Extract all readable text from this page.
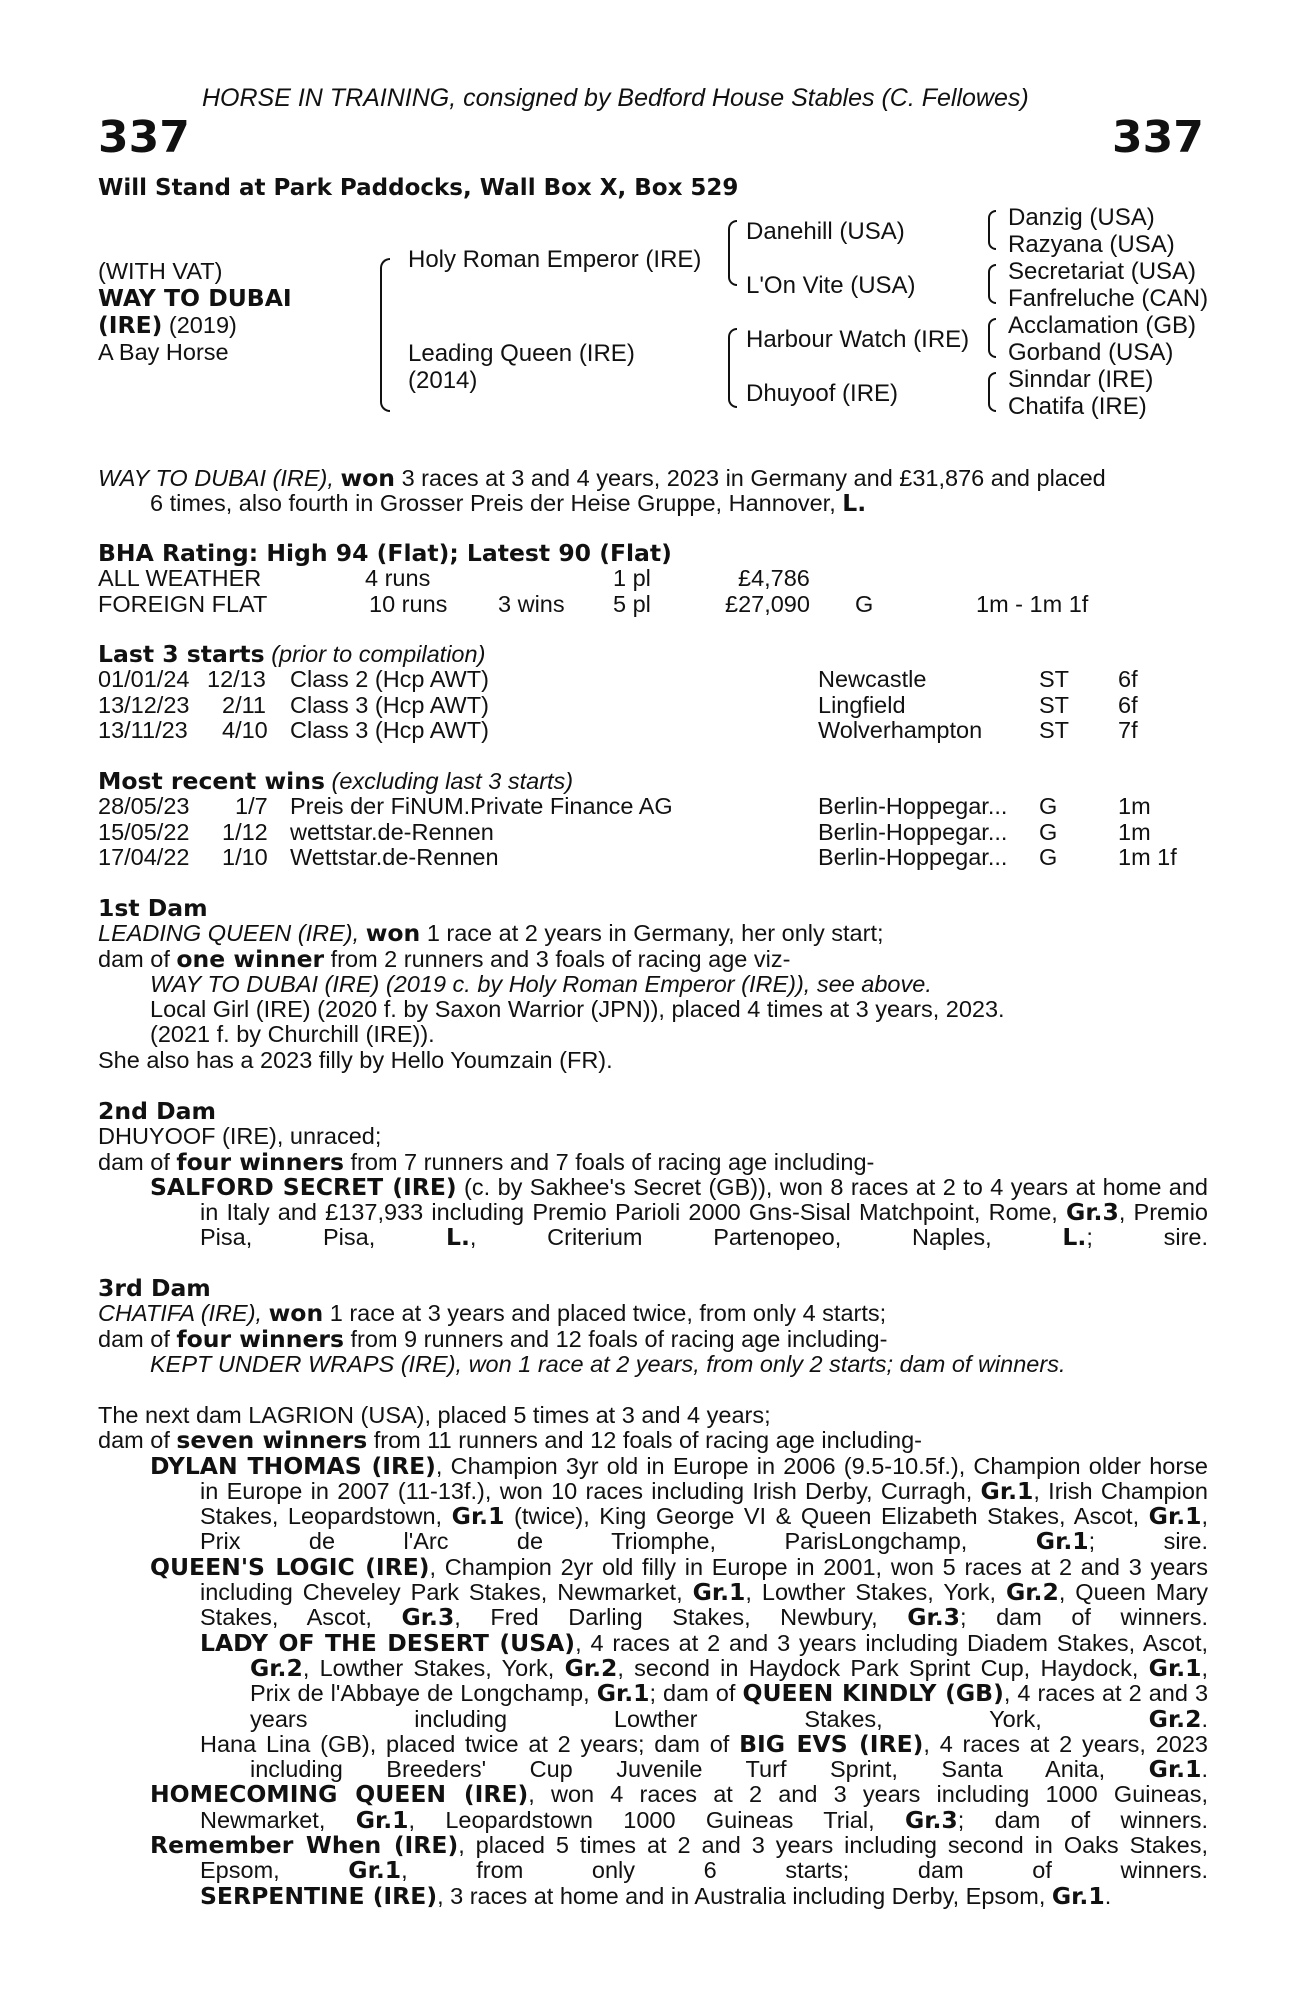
HORSE IN TRAINING, consigned by Bedford House Stables (C. Fellowes)
337	337
Will Stand at Park Paddocks, Wall Box X, Box 529
(WITH VAT)
WAY TO DUBAI
(IRE) (2019)
A Bay Horse
Holy Roman Emperor (IRE)
Leading Queen (IRE)
(2014)
Danehill (USA)
L'On Vite (USA)
Harbour Watch (IRE)
Dhuyoof (IRE)
Danzig (USA)
Razyana (USA)
Secretariat (USA)
Fanfreluche (CAN)
Acclamation (GB)
Gorband (USA)
Sinndar (IRE)
Chatifa (IRE)
WAY TO DUBAI (IRE), won 3 races at 3 and 4 years, 2023 in Germany and £31,876 and placed
6 times, also fourth in Grosser Preis der Heise Gruppe, Hannover, L.
BHA Rating: High 94 (Flat); Latest 90 (Flat)
ALL WEATHER	4 runs	1 pl	£4,786
FOREIGN FLAT	10 runs 3 wins 5 pl	£27,090 G	1m - 1m 1f
Last 3 starts (prior to compilation)
01/01/24 12/13 Class 2 (Hcp AWT)	Newcastle	ST 6f
13/12/23 2/11 Class 3 (Hcp AWT)	Lingfield	ST 6f
13/11/23 4/10 Class 3 (Hcp AWT)	Wolverhampton ST 7f
Most recent wins (excluding last 3 starts)
28/05/23 1/7 Preis der FiNUM.Private Finance AG	Berlin-Hoppegar... G	1m
15/05/22 1/12 wettstar.de-Rennen	Berlin-Hoppegar... G	1m
17/04/22 1/10 Wettstar.de-Rennen	Berlin-Hoppegar... G	1m 1f
1st Dam
LEADING QUEEN (IRE), won 1 race at 2 years in Germany, her only start;
dam of one winner from 2 runners and 3 foals of racing age viz-
WAY TO DUBAI (IRE) (2019 c. by Holy Roman Emperor (IRE)), see above.
Local Girl (IRE) (2020 f. by Saxon Warrior (JPN)), placed 4 times at 3 years, 2023.
(2021 f. by Churchill (IRE)).
She also has a 2023 filly by Hello Youmzain (FR).
2nd Dam
DHUYOOF (IRE), unraced;
dam of four winners from 7 runners and 7 foals of racing age including-
SALFORD SECRET (IRE) (c. by Sakhee's Secret (GB)), won 8 races at 2 to 4 years at home and in Italy and £137,933 including Premio Parioli 2000 Gns-Sisal Matchpoint, Rome, Gr.3, Premio Pisa, Pisa,	L., Criterium Partenopeo, Naples,	L.; sire.
3rd Dam
CHATIFA (IRE), won 1 race at 3 years and placed twice, from only 4 starts;
dam of four winners from 9 runners and 12 foals of racing age including-
KEPT UNDER WRAPS (IRE), won 1 race at 2 years, from only 2 starts; dam of winners.
The next dam LAGRION (USA), placed 5 times at 3 and 4 years;
dam of seven winners from 11 runners and 12 foals of racing age including-
DYLAN THOMAS (IRE), Champion 3yr old in Europe in 2006 (9.5-10.5f.), Champion older horse in Europe in 2007 (11-13f.), won 10 races including Irish Derby, Curragh, Gr.1, Irish Champion Stakes, Leopardstown, Gr.1 (twice), King George VI & Queen Elizabeth Stakes, Ascot, Gr.1, Prix de l'Arc de Triomphe, ParisLongchamp,	Gr.1; sire.
QUEEN'S LOGIC (IRE), Champion 2yr old filly in Europe in 2001, won 5 races at 2 and 3 years including Cheveley Park Stakes, Newmarket, Gr.1, Lowther Stakes, York, Gr.2, Queen Mary Stakes, Ascot, Gr.3, Fred Darling Stakes, Newbury, Gr.3; dam of winners.
LADY OF THE DESERT (USA), 4 races at 2 and 3 years including Diadem Stakes, Ascot, Gr.2, Lowther Stakes, York, Gr.2, second in Haydock Park Sprint Cup, Haydock, Gr.1, Prix de l'Abbaye de Longchamp, Gr.1; dam of QUEEN KINDLY (GB), 4 races at 2 and 3 years including Lowther Stakes, York,	Gr.2.
Hana Lina (GB), placed twice at 2 years; dam of BIG EVS (IRE), 4 races at 2 years, 2023 including Breeders' Cup Juvenile Turf Sprint, Santa Anita, Gr.1.
HOMECOMING QUEEN (IRE), won 4 races at 2 and 3 years including 1000 Guineas, Newmarket, Gr.1, Leopardstown 1000 Guineas Trial, Gr.3; dam of winners.
Remember When (IRE), placed 5 times at 2 and 3 years including second in Oaks Stakes, Epsom,	Gr.1, from only 6 starts; dam of winners.
SERPENTINE (IRE), 3 races at home and in Australia including Derby, Epsom, Gr.1.
